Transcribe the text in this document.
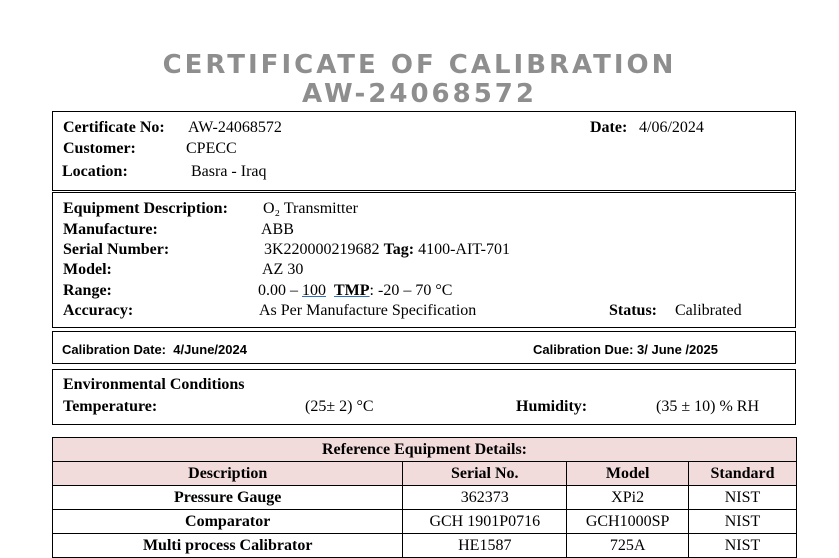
CERTIFICATE OF CALIBRATION
AW-24068572
Certificate No: AW-24068572	Date: 4/06/2024
Customer:	CPECC
Location:	Basra - Iraq
Equipment Description: O₂ Transmitter
Manufacture:	ABB
Serial Number:	3K220000219682 Tag: 4100-AIT-701
Model:	AZ 30
Range:	0.00 – 100 TMP: -20 – 70 °C
Accuracy:	As Per Manufacture Specification	Status: Calibrated
Calibration Date:  4/June/2024	Calibration Due: 3/ June /2025
Environmental Conditions
Temperature:	(25± 2) °C	Humidity:	(35 ± 10) % RH
Reference Equipment Details:			
Description	Serial No.	Model	Standard
Pressure Gauge	362373	XPi2	NIST
Comparator	GCH 1901P0716	GCH1000SP	NIST
Multi process Calibrator	HE1587	725A	NIST
